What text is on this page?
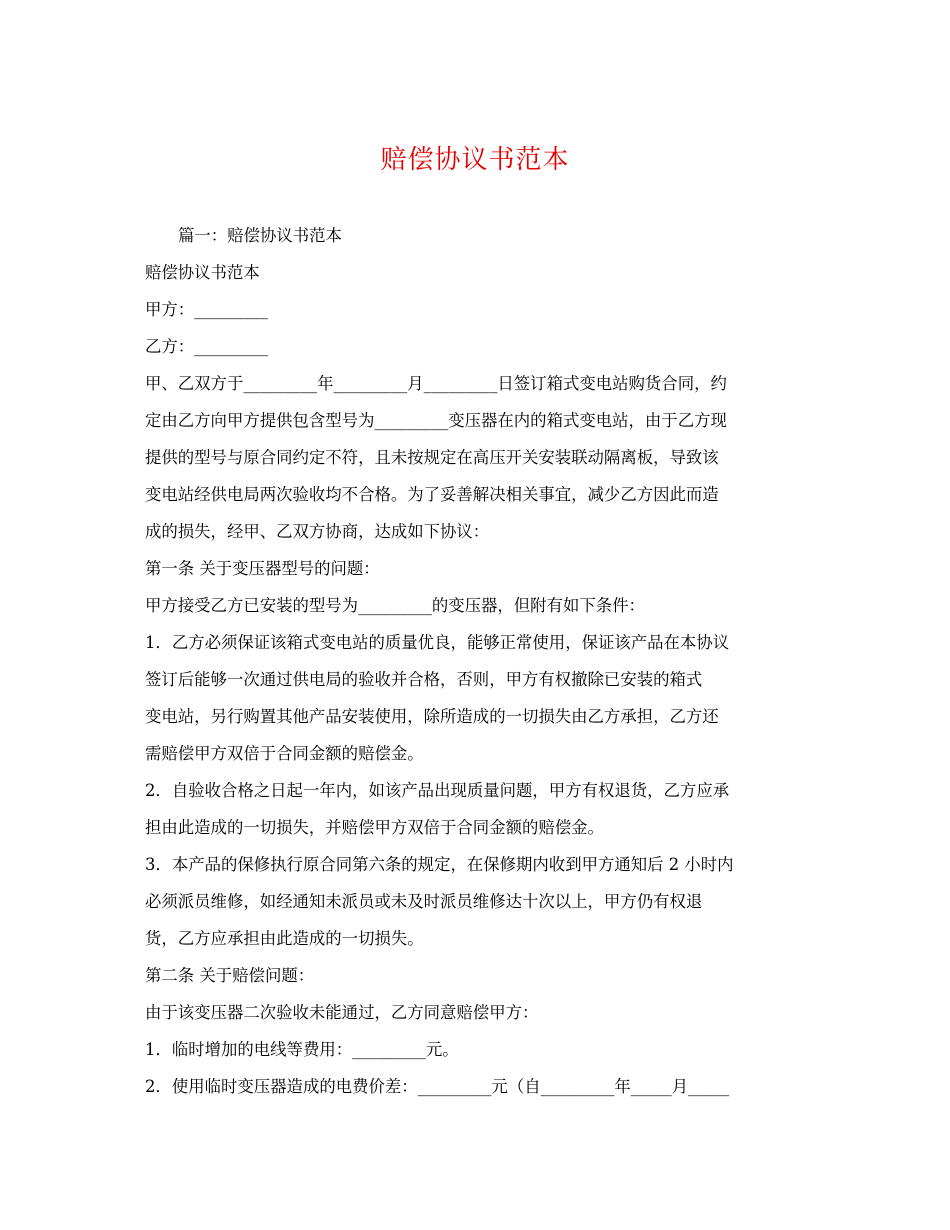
赔偿协议书范本

篇一：赔偿协议书范本

赔偿协议书范本

甲方：_________

乙方：_________

甲、乙双方于_________年_________月_________日签订箱式变电站购货合同，约

定由乙方向甲方提供包含型号为_________变压器在内的箱式变电站，由于乙方现

提供的型号与原合同约定不符，且未按规定在高压开关安装联动隔离板，导致该

变电站经供电局两次验收均不合格。为了妥善解决相关事宜，减少乙方因此而造

成的损失，经甲、乙双方协商，达成如下协议：

第一条 关于变压器型号的问题：

甲方接受乙方已安装的型号为_________的变压器，但附有如下条件：

1．乙方必须保证该箱式变电站的质量优良，能够正常使用，保证该产品在本协议

签订后能够一次通过供电局的验收并合格，否则，甲方有权撤除已安装的箱式

变电站，另行购置其他产品安装使用，除所造成的一切损失由乙方承担，乙方还

需赔偿甲方双倍于合同金额的赔偿金。

2．自验收合格之日起一年内，如该产品出现质量问题，甲方有权退货，乙方应承

担由此造成的一切损失，并赔偿甲方双倍于合同金额的赔偿金。

3．本产品的保修执行原合同第六条的规定，在保修期内收到甲方通知后 2 小时内

必须派员维修，如经通知未派员或未及时派员维修达十次以上，甲方仍有权退

货，乙方应承担由此造成的一切损失。

第二条 关于赔偿问题：

由于该变压器二次验收未能通过，乙方同意赔偿甲方：

1．临时增加的电线等费用：_________元。

2．使用临时变压器造成的电费价差：_________元（自_________年_____月_____
